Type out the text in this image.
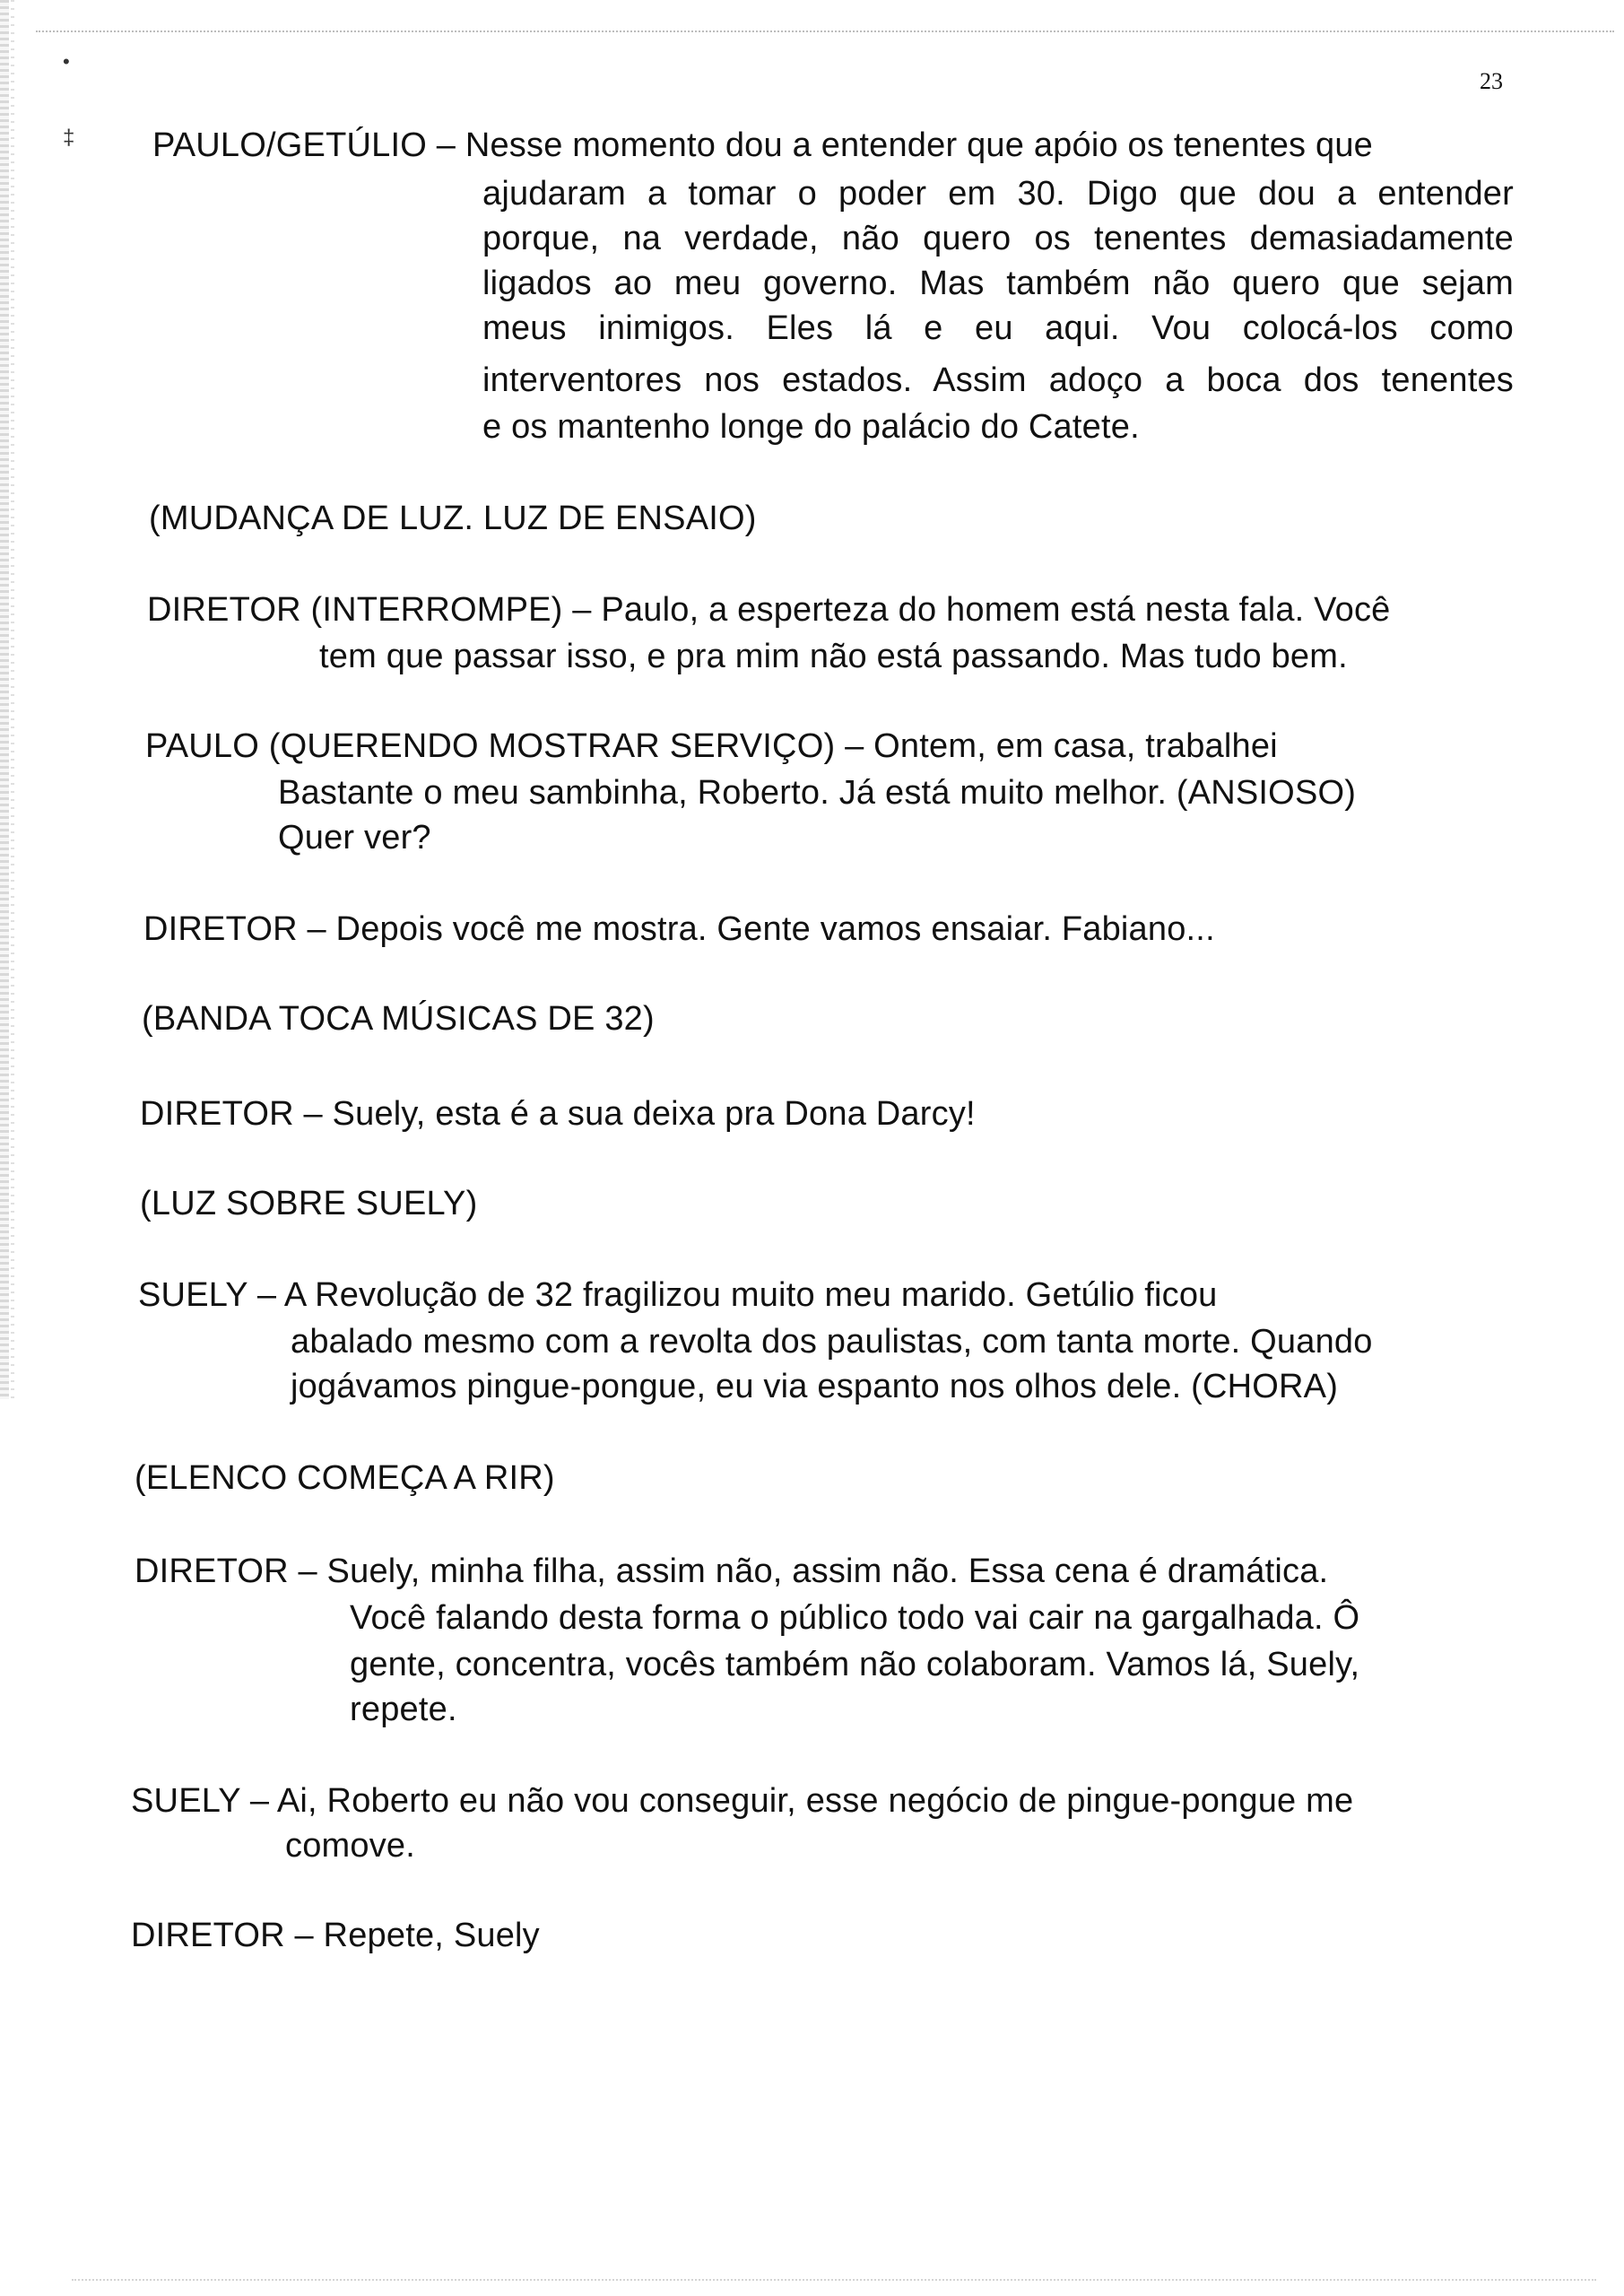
•
‡
23
PAULO/GETÚLIO – Nesse momento dou a entender que apóio os tenentes que
ajudaram a tomar o poder em 30. Digo que dou a entender
porque, na verdade, não quero os tenentes demasiadamente
ligados ao meu governo. Mas também não quero que sejam
meus inimigos. Eles lá e eu aqui. Vou colocá-los como
interventores nos estados. Assim adoço a boca dos tenentes
e os mantenho longe do palácio do Catete.
(MUDANÇA DE LUZ. LUZ DE ENSAIO)
DIRETOR (INTERROMPE) – Paulo, a esperteza do homem está nesta fala. Você
tem que passar isso, e pra mim não está passando. Mas tudo bem.
PAULO (QUERENDO MOSTRAR SERVIÇO) – Ontem, em casa, trabalhei
Bastante o meu sambinha, Roberto. Já está muito melhor. (ANSIOSO)
Quer ver?
DIRETOR – Depois você me mostra. Gente vamos ensaiar. Fabiano...
(BANDA TOCA MÚSICAS DE 32)
DIRETOR – Suely, esta é a sua deixa pra Dona Darcy!
(LUZ SOBRE SUELY)
SUELY – A Revolução de 32 fragilizou muito meu marido. Getúlio ficou
abalado mesmo com a revolta dos paulistas, com tanta morte. Quando
jogávamos pingue-pongue, eu via espanto nos olhos dele. (CHORA)
(ELENCO COMEÇA A RIR)
DIRETOR – Suely, minha filha, assim não, assim não. Essa cena é dramática.
Você falando desta forma o público todo vai cair na gargalhada. Ô
gente, concentra, vocês também não colaboram. Vamos lá, Suely,
repete.
SUELY – Ai, Roberto eu não vou conseguir, esse negócio de pingue-pongue me
comove.
DIRETOR – Repete, Suely
